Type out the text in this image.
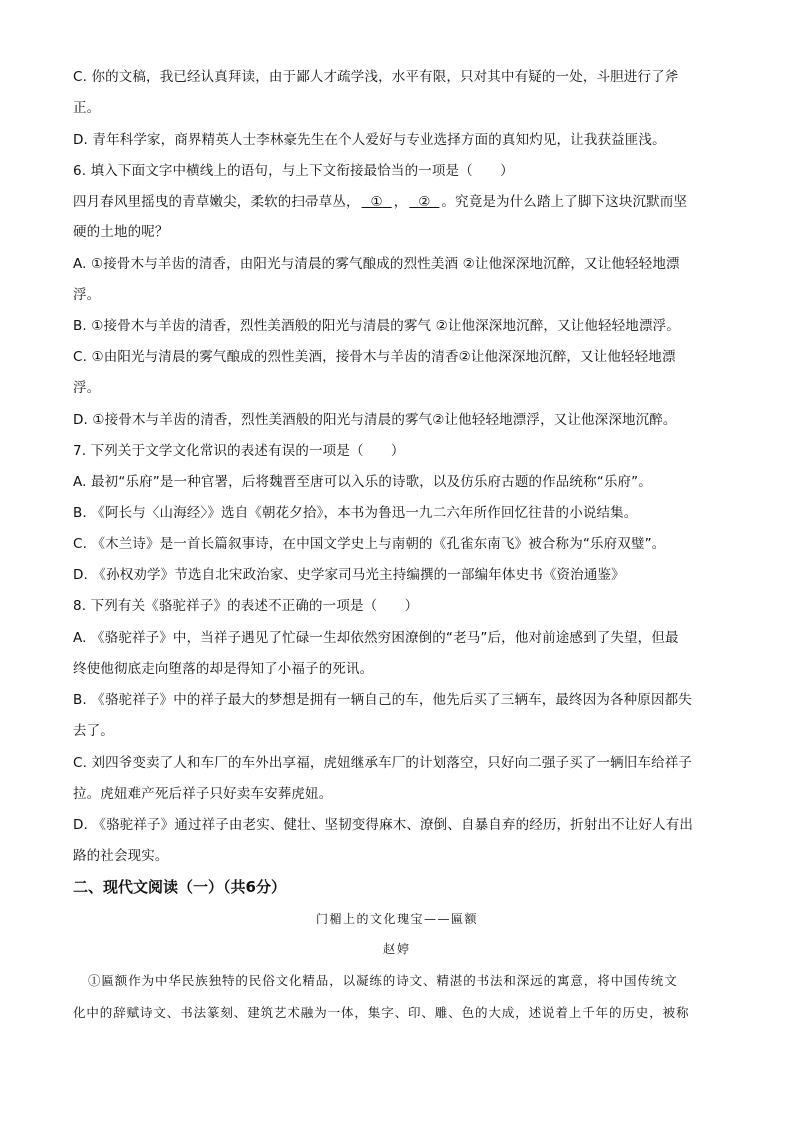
C. 你的文稿，我已经认真拜读，由于鄙人才疏学浅，水平有限，只对其中有疑的一处，斗胆进行了斧
正。
D. 青年科学家，商界精英人士李林豪先生在个人爱好与专业选择方面的真知灼见，让我获益匪浅。
6. 填入下面文字中横线上的语句，与上下文衔接最恰当的一项是（　　）
四月春风里摇曳的青草嫩尖，柔软的扫帚草丛， ① ， ② 。究竟是为什么踏上了脚下这块沉默而坚
硬的土地的呢？
A. ①接骨木与羊齿的清香，由阳光与清晨的雾气酿成的烈性美酒 ②让他深深地沉醉，又让他轻轻地漂
浮。
B. ①接骨木与羊齿的清香，烈性美酒般的阳光与清晨的雾气 ②让他深深地沉醉，又让他轻轻地漂浮。
C. ①由阳光与清晨的雾气酿成的烈性美酒，接骨木与羊齿的清香②让他深深地沉醉，又让他轻轻地漂
浮。
D. ①接骨木与羊齿的清香，烈性美酒般的阳光与清晨的雾气②让他轻轻地漂浮，又让他深深地沉醉。
7. 下列关于文学文化常识的表述有误的一项是（　　）
A. 最初“乐府”是一种官署，后将魏晋至唐可以入乐的诗歌，以及仿乐府古题的作品统称“乐府”。
B. 《阿长与〈山海经〉》选自《朝花夕拾》，本书为鲁迅一九二六年所作回忆往昔的小说结集。
C. 《木兰诗》是一首长篇叙事诗，在中国文学史上与南朝的《孔雀东南飞》被合称为“乐府双璧”。
D. 《孙权劝学》节选自北宋政治家、史学家司马光主持编撰的一部编年体史书《资治通鉴》
8. 下列有关《骆驼祥子》的表述不正确的一项是（　　）
A. 《骆驼祥子》中，当祥子遇见了忙碌一生却依然穷困潦倒的“老马”后，他对前途感到了失望，但最
终使他彻底走向堕落的却是得知了小福子的死讯。
B. 《骆驼祥子》中的祥子最大的梦想是拥有一辆自己的车，他先后买了三辆车，最终因为各种原因都失
去了。
C. 刘四爷变卖了人和车厂的车外出享福，虎妞继承车厂的计划落空，只好向二强子买了一辆旧车给祥子
拉。虎妞难产死后祥子只好卖车安葬虎妞。
D. 《骆驼祥子》通过祥子由老实、健壮、坚韧变得麻木、潦倒、自暴自弃的经历，折射出不让好人有出
路的社会现实。
二、现代文阅读（一）（共6分）
门楣上的文化瑰宝——匾额
赵婷
①匾额作为中华民族独特的民俗文化精品，以凝练的诗文、精湛的书法和深远的寓意，将中国传统文
化中的辞赋诗文、书法篆刻、建筑艺术融为一体，集字、印、雕、色的大成，述说着上千年的历史，被称
